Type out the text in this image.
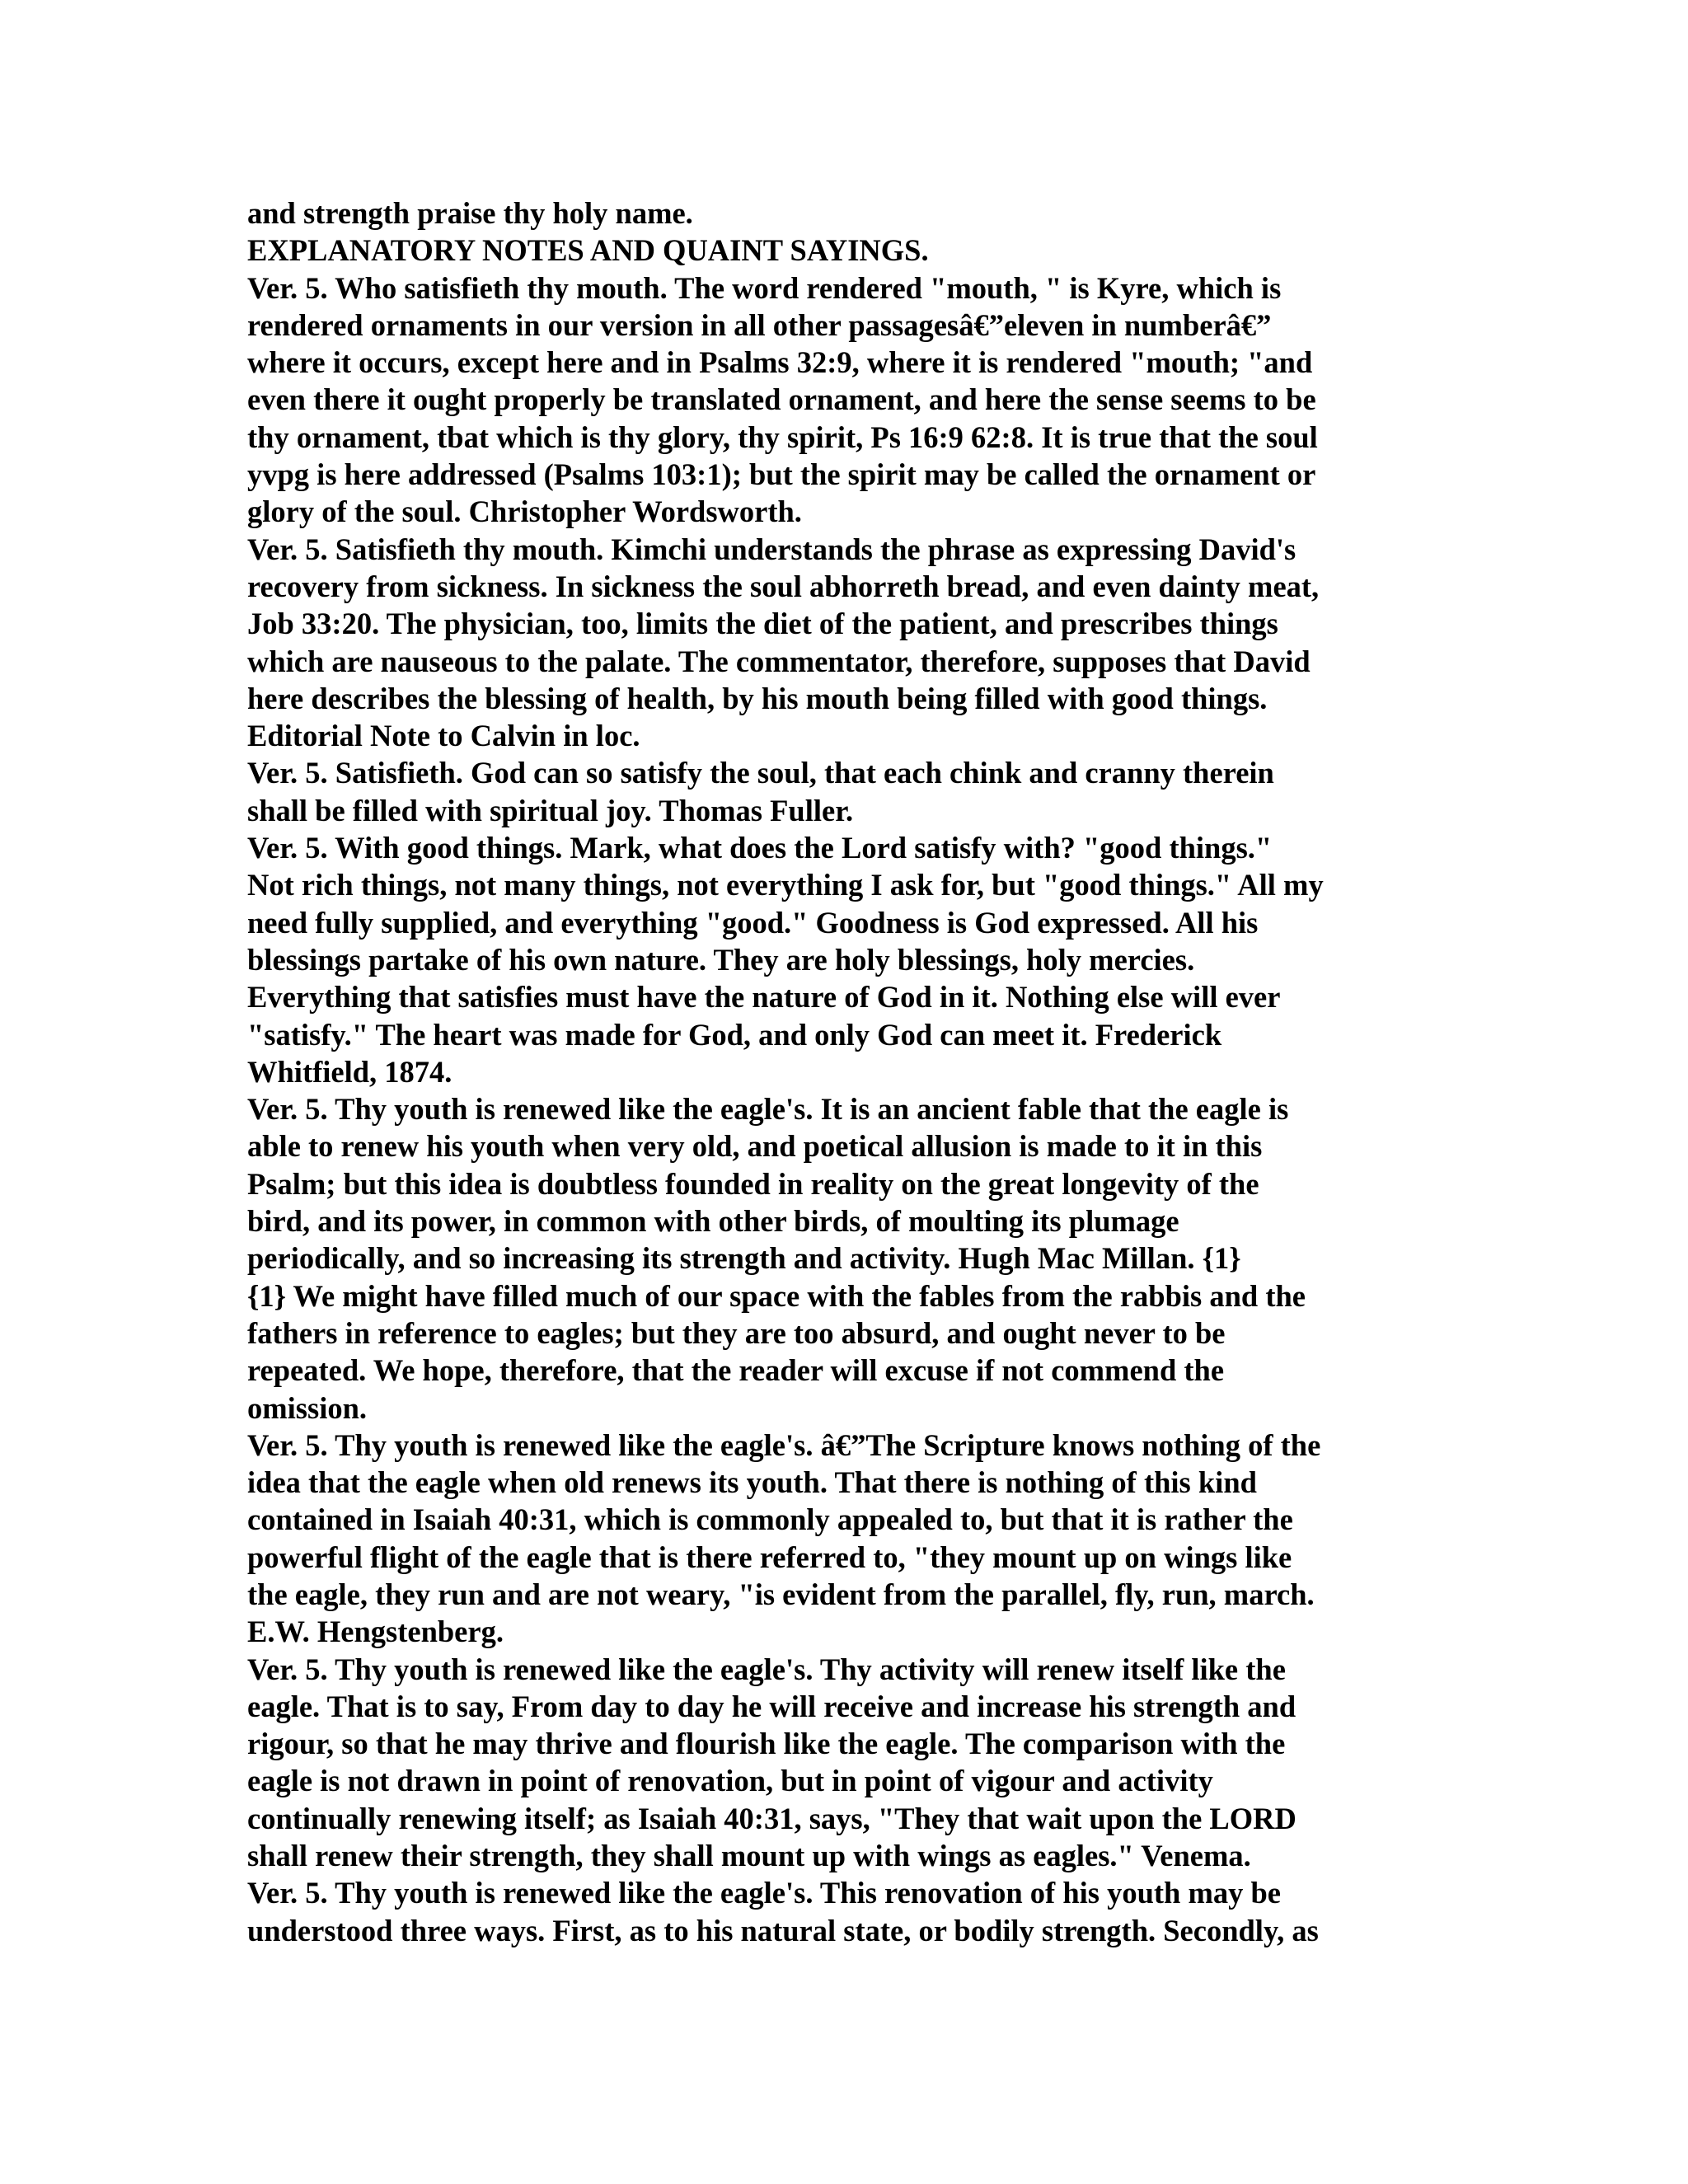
and strength praise thy holy name.
EXPLANATORY NOTES AND QUAINT SAYINGS.
Ver. 5. Who satisfieth thy mouth. The word rendered "mouth, " is Kyre, which is
rendered ornaments in our version in all other passagesâ€”eleven in numberâ€”
where it occurs, except here and in Psalms 32:9, where it is rendered "mouth; "and
even there it ought properly be translated ornament, and here the sense seems to be
thy ornament, tbat which is thy glory, thy spirit, Ps 16:9 62:8. It is true that the soul
yvpg is here addressed (Psalms 103:1); but the spirit may be called the ornament or
glory of the soul. Christopher Wordsworth.
Ver. 5. Satisfieth thy mouth. Kimchi understands the phrase as expressing David's
recovery from sickness. In sickness the soul abhorreth bread, and even dainty meat,
Job 33:20. The physician, too, limits the diet of the patient, and prescribes things
which are nauseous to the palate. The commentator, therefore, supposes that David
here describes the blessing of health, by his mouth being filled with good things.
Editorial Note to Calvin in loc.
Ver. 5. Satisfieth. God can so satisfy the soul, that each chink and cranny therein
shall be filled with spiritual joy. Thomas Fuller.
Ver. 5. With good things. Mark, what does the Lord satisfy with? "good things."
Not rich things, not many things, not everything I ask for, but "good things." All my
need fully supplied, and everything "good." Goodness is God expressed. All his
blessings partake of his own nature. They are holy blessings, holy mercies.
Everything that satisfies must have the nature of God in it. Nothing else will ever
"satisfy." The heart was made for God, and only God can meet it. Frederick
Whitfield, 1874.
Ver. 5. Thy youth is renewed like the eagle's. It is an ancient fable that the eagle is
able to renew his youth when very old, and poetical allusion is made to it in this
Psalm; but this idea is doubtless founded in reality on the great longevity of the
bird, and its power, in common with other birds, of moulting its plumage
periodically, and so increasing its strength and activity. Hugh Mac Millan. {1}
{1} We might have filled much of our space with the fables from the rabbis and the
fathers in reference to eagles; but they are too absurd, and ought never to be
repeated. We hope, therefore, that the reader will excuse if not commend the
omission.
Ver. 5. Thy youth is renewed like the eagle's. â€”The Scripture knows nothing of the
idea that the eagle when old renews its youth. That there is nothing of this kind
contained in Isaiah 40:31, which is commonly appealed to, but that it is rather the
powerful flight of the eagle that is there referred to, "they mount up on wings like
the eagle, they run and are not weary, "is evident from the parallel, fly, run, march.
E.W. Hengstenberg.
Ver. 5. Thy youth is renewed like the eagle's. Thy activity will renew itself like the
eagle. That is to say, From day to day he will receive and increase his strength and
rigour, so that he may thrive and flourish like the eagle. The comparison with the
eagle is not drawn in point of renovation, but in point of vigour and activity
continually renewing itself; as Isaiah 40:31, says, "They that wait upon the LORD
shall renew their strength, they shall mount up with wings as eagles." Venema.
Ver. 5. Thy youth is renewed like the eagle's. This renovation of his youth may be
understood three ways. First, as to his natural state, or bodily strength. Secondly, as
